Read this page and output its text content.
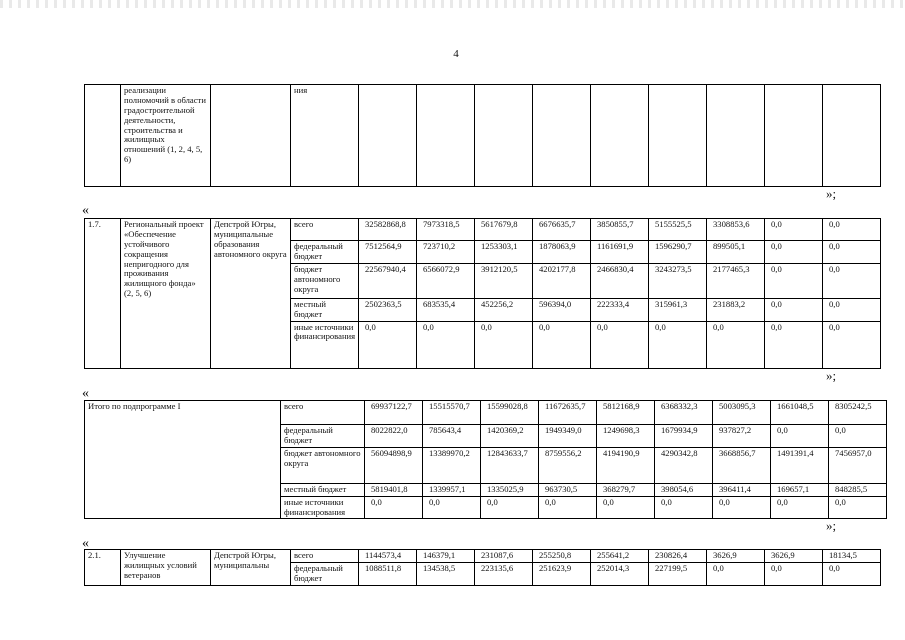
4
	реализации полномочий в области градостроительной деятельности, строительства и жилищных отношений (1, 2, 4, 5, 6)		ния									
»;
«
1.7.	Региональный проект «Обеспечение устойчивого сокращения непригодного для проживания жилищного фонда» (2, 5, 6)	Депстрой Югры, муниципальные образования автономного округа	всего	32582868,8	7973318,5	5617679,8	6676635,7	3850855,7	5155525,5	3308853,6	0,0	0,0
			федеральный бюджет	7512564,9	723710,2	1253303,1	1878063,9	1161691,9	1596290,7	899505,1	0,0	0,0
			бюджет автономного округа	22567940,4	6566072,9	3912120,5	4202177,8	2466830,4	3243273,5	2177465,3	0,0	0,0
			местный бюджет	2502363,5	683535,4	452256,2	596394,0	222333,4	315961,3	231883,2	0,0	0,0
			иные источники финансирования	0,0	0,0	0,0	0,0	0,0	0,0	0,0	0,0	0,0
»;
«
Итого по подпрограмме I	всего	69937122,7	15515570,7	15599028,8	11672635,7	5812168,9	6368332,3	5003095,3	1661048,5	8305242,5
	федеральный бюджет	8022822,0	785643,4	1420369,2	1949349,0	1249698,3	1679934,9	937827,2	0,0	0,0
	бюджет автономного округа	56094898,9	13389970,2	12843633,7	8759556,2	4194190,9	4290342,8	3668856,7	1491391,4	7456957,0
	местный бюджет	5819401,8	1339957,1	1335025,9	963730,5	368279,7	398054,6	396411,4	169657,1	848285,5
	иные источники финансирования	0,0	0,0	0,0	0,0	0,0	0,0	0,0	0,0	0,0
»;
«
2.1.	Улучшение жилищных условий ветеранов	Депстрой Югры, муниципальны	всего	1144573,4	146379,1	231087,6	255250,8	255641,2	230826,4	3626,9	3626,9	18134,5
			федеральный бюджет	1088511,8	134538,5	223135,6	251623,9	252014,3	227199,5	0,0	0,0	0,0
